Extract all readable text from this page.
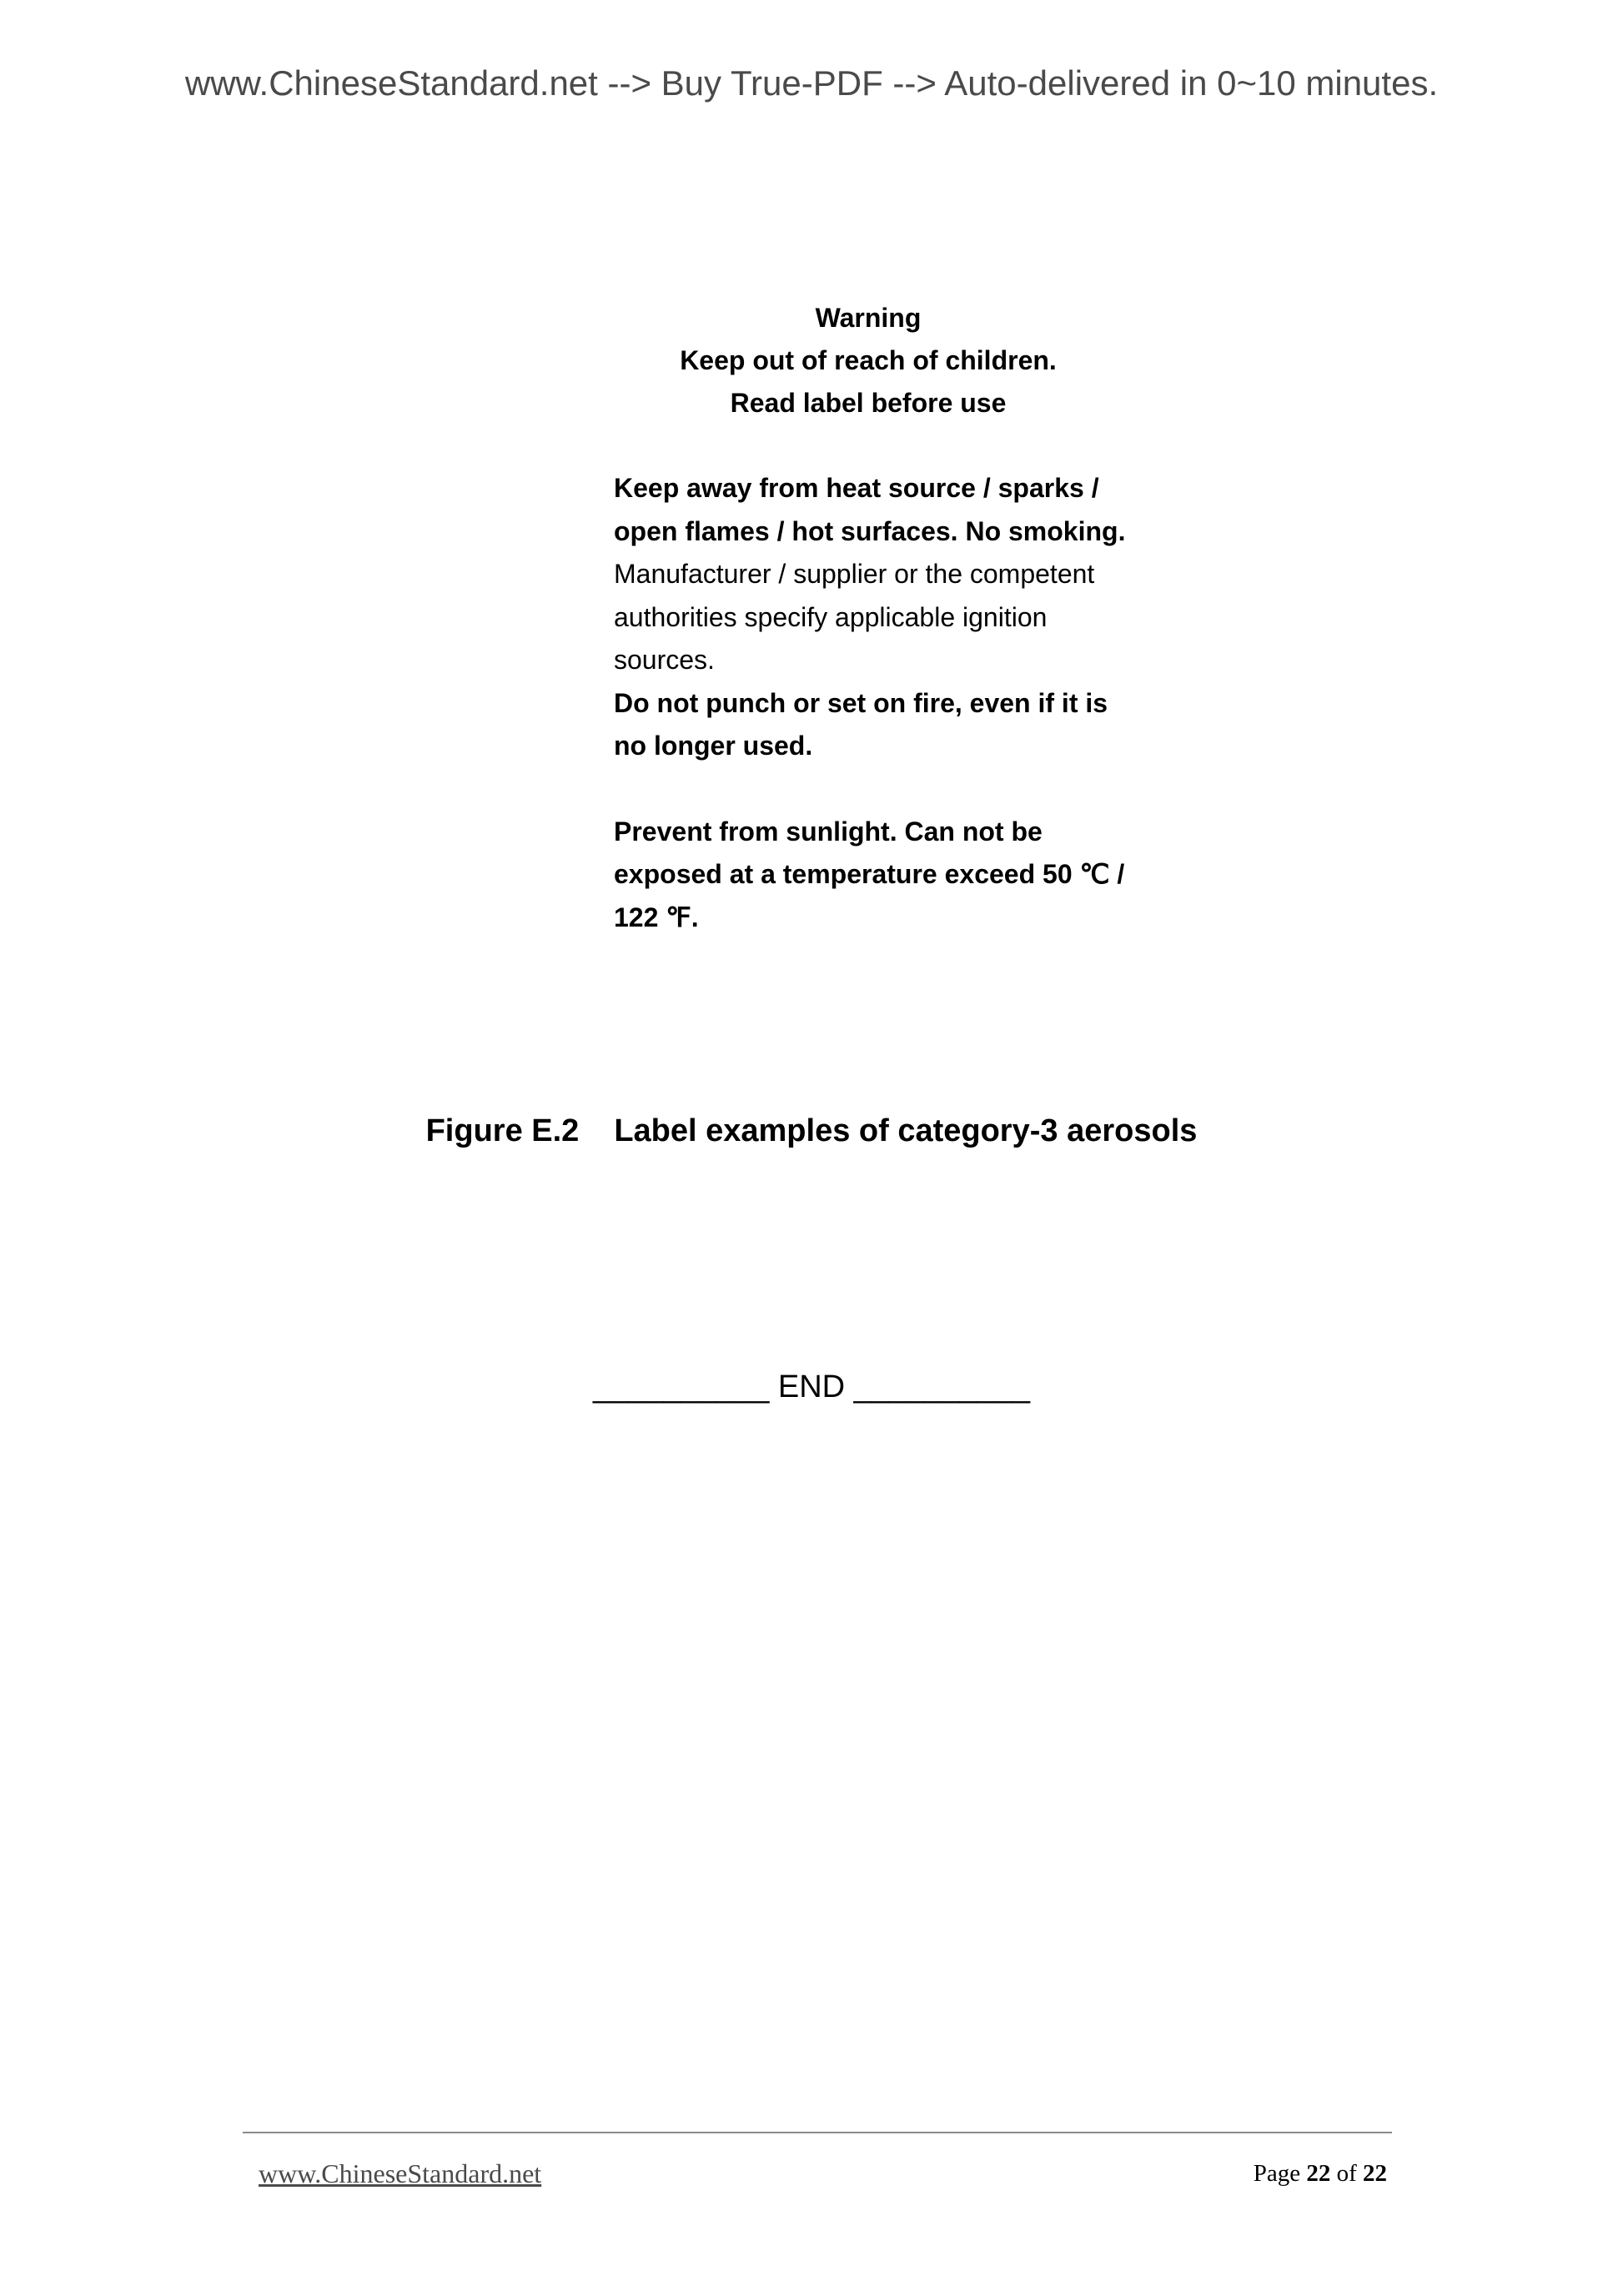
www.ChineseStandard.net --> Buy True-PDF --> Auto-delivered in 0~10 minutes.
Warning
Keep out of reach of children.
Read label before use
Keep away from heat source / sparks / open flames / hot surfaces. No smoking.
Manufacturer / supplier or the competent authorities specify applicable ignition sources.
Do not punch or set on fire, even if it is no longer used.
Prevent from sunlight. Can not be exposed at a temperature exceed 50 ℃ / 122 ℉.
Figure E.2 Label examples of category-3 aerosols
__________ END __________
www.ChineseStandard.net	Page 22 of 22
